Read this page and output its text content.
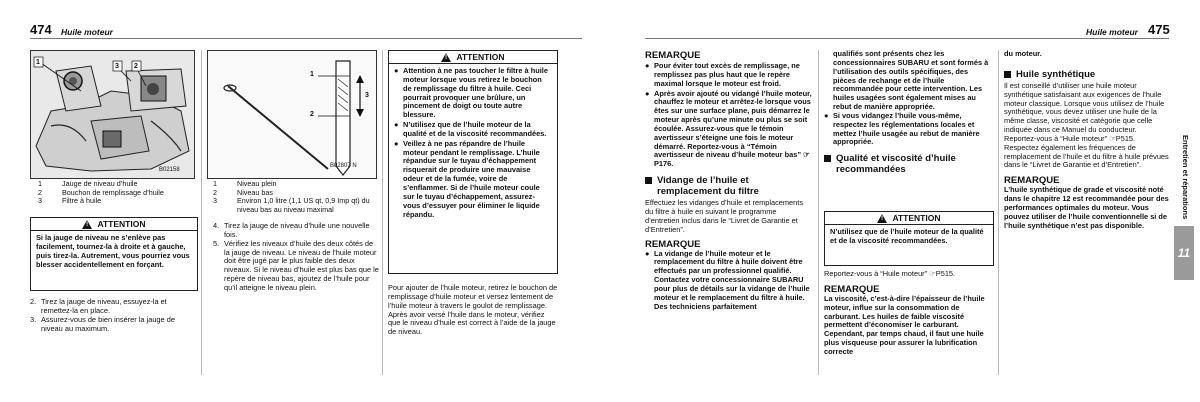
474 Huile moteur
1
3 2
B02158
1	Jauge de niveau d’huile
2	Bouchon de remplissage d’huile
3	Filtre à huile
!
ATTENTION
Si la jauge de niveau ne s’enlève pas facilement, tournez-la à droite et à gauche, puis tirez-la. Autrement, vous pourriez vous blesser accidentellement en forçant.
2. Tirez la jauge de niveau, essuyez-la et remettez-la en place.
3. Assurez-vous de bien insérer la jauge de niveau au maximum.
1
2
3
B02807 N
1	Niveau plein
2	Niveau bas
3	Environ 1,0 litre (1,1 US qt, 0,9 Imp qt) du niveau bas au niveau maximal
4. Tirez la jauge de niveau d’huile une nouvelle fois.
5. Vérifiez les niveaux d’huile des deux côtés de la jauge de niveau. Le niveau de l’huile moteur doit être jugé par le plus faible des deux niveaux. Si le niveau d’huile est plus bas que le repère de niveau bas, ajoutez de l’huile pour qu’il atteigne le niveau plein.
!
ATTENTION
● Attention à ne pas toucher le filtre à huile moteur lorsque vous retirez le bouchon de remplissage du filtre à huile. Ceci pourrait provoquer une brûlure, un pincement de doigt ou toute autre blessure.
● N’utilisez que de l’huile moteur de la qualité et de la viscosité recommandées.
● Veillez à ne pas répandre de l’huile moteur pendant le remplissage. L’huile répandue sur le tuyau d’échappement risquerait de produire une mauvaise odeur et de la fumée, voire de s’enflammer. Si de l’huile moteur coule sur le tuyau d’échappement, assurez-vous d’essuyer pour éliminer le liquide répandu.
Pour ajouter de l’huile moteur, retirez le bouchon de remplissage d’huile moteur et versez lentement de l’huile moteur à travers le goulot de remplissage. Après avoir versé l’huile dans le moteur, vérifiez que le niveau d’huile est correct à l’aide de la jauge de niveau.
Huile moteur 475
REMARQUE
● Pour éviter tout excès de remplissage, ne remplissez pas plus haut que le repère maximal lorsque le moteur est froid.
● Après avoir ajouté ou vidangé l’huile moteur, chauffez le moteur et arrêtez-le lorsque vous êtes sur une surface plane, puis démarrez le moteur après qu’une minute ou plus se soit écoulée. Assurez-vous que le témoin avertisseur s’éteigne une fois le moteur démarré. Reportez-vous à “Témoin avertisseur de niveau d’huile moteur bas” ☞P176.
Vidange de l’huile et remplacement du filtre
Effectuez les vidanges d’huile et remplacements du filtre à huile en suivant le programme d’entretien inclus dans le “Livret de Garantie et d’Entretien”.
REMARQUE
● La vidange de l’huile moteur et le remplacement du filtre à huile doivent être effectués par un professionnel qualifié. Contactez votre concessionnaire SUBARU pour plus de détails sur la vidange de l’huile moteur et le remplacement du filtre à huile. Des techniciens parfaitement
qualifiés sont présents chez les concessionnaires SUBARU et sont formés à l’utilisation des outils spécifiques, des pièces de rechange et de l’huile recommandée pour cette intervention. Les huiles usagées sont également mises au rebut de manière appropriée.
● Si vous vidangez l’huile vous-même, respectez les réglementations locales et mettez l’huile usagée au rebut de manière appropriée.
Qualité et viscosité d’huile recommandées
!
ATTENTION
N’utilisez que de l’huile moteur de la qualité et de la viscosité recommandées.
Reportez-vous à “Huile moteur” ☞P515.
REMARQUE
La viscosité, c’est-à-dire l’épaisseur de l’huile moteur, influe sur la consommation de carburant. Les huiles de faible viscosité permettent d’économiser le carburant. Cependant, par temps chaud, il faut une huile plus visqueuse pour assurer la lubrification correcte
du moteur.
Huile synthétique
Il est conseillé d’utiliser une huile moteur synthétique satisfaisant aux exigences de l’huile moteur classique. Lorsque vous utilisez de l’huile synthétique, vous devez utiliser une huile de la même classe, viscosité et catégorie que celle indiquée dans ce Manuel du conducteur. Reportez-vous à “Huile moteur” ☞P515. Respectez également les fréquences de remplacement de l’huile et du filtre à huile prévues dans le “Livret de Garantie et d’Entretien”.
REMARQUE
L’huile synthétique de grade et viscosité noté dans le chapitre 12 est recommandée pour des performances optimales du moteur. Vous pouvez utiliser de l’huile conventionnelle si de l’huile synthétique n’est pas disponible.
Entretien et réparations
11
